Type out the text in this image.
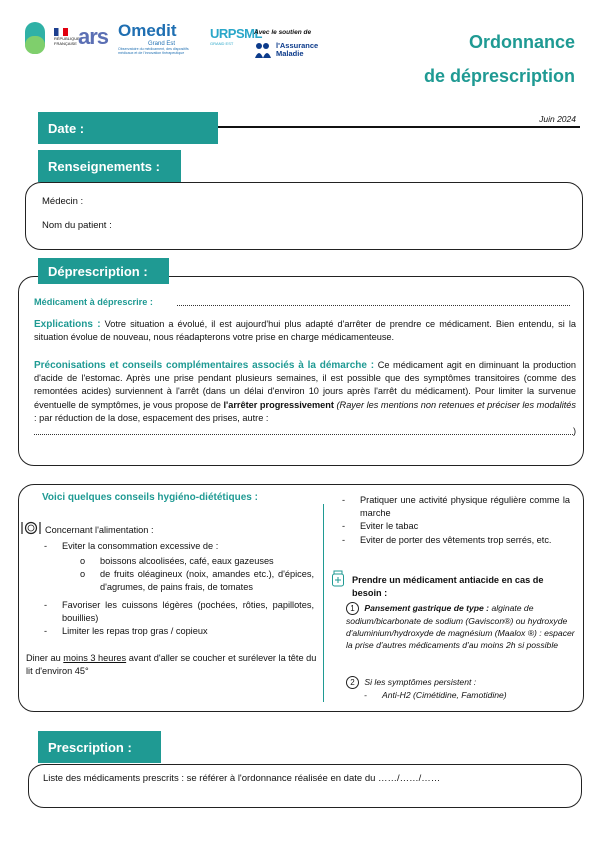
RÉPUBLIQUE
FRANÇAISE ars Omedit
Grand Est
Observatoire du médicament, des dispositifs médicaux et de l'innovation thérapeutique
URPSML
GRAND EST
Avec le soutien de
l'Assurance
Maladie
Ordonnance
de déprescription
Date :
Juin 2024
Médecin :
Nom du patient :
Renseignements :
Déprescription :
Médicament à déprescrire :
Explications : Votre situation a évolué, il est aujourd'hui plus adapté d'arrêter de prendre ce médicament. Bien entendu, si la situation évolue de nouveau, nous réadapterons votre prise en charge médicamenteuse.
Préconisations et conseils complémentaires associés à la démarche : Ce médicament agit en diminuant la production d'acide de l'estomac. Après une prise pendant plusieurs semaines, il est possible que des symptômes transitoires (comme des remontées acides) surviennent à l'arrêt (dans un délai d'environ 10 jours après l'arrêt du médicament). Pour limiter la survenue éventuelle de symptômes, je vous propose de l'arrêter progressivement (Rayer les mentions non retenues et préciser les modalités : par réduction de la dose, espacement des prises, autre :
)
Voici quelques conseils hygiéno-diététiques :
Concernant l'alimentation :
- Eviter la consommation excessive de :
o boissons alcoolisées, café, eaux gazeuses
o de fruits oléagineux (noix, amandes etc.), d'épices, d'agrumes, de pains frais, de tomates
- Favoriser les cuissons légères (pochées, rôties, papillotes, bouillies)
- Limiter les repas trop gras / copieux
Diner au moins 3 heures avant d'aller se coucher et surélever la tête du lit d'environ 45°
- Pratiquer une activité physique régulière comme la marche
- Eviter le tabac
- Eviter de porter des vêtements trop serrés, etc.
Prendre un médicament antiacide en cas de besoin :
1 Pansement gastrique de type : alginate de sodium/bicarbonate de sodium (Gaviscon®) ou hydroxyde d'aluminium/hydroxyde de magnésium (Maalox ®) : espacer la prise d'autres médicaments d'au moins 2h si possible
2 Si les symptômes persistent :
- Anti-H2 (Cimétidine, Famotidine)
Liste des médicaments prescrits : se référer à l'ordonnance réalisée en date du ……/……/……
Prescription :
